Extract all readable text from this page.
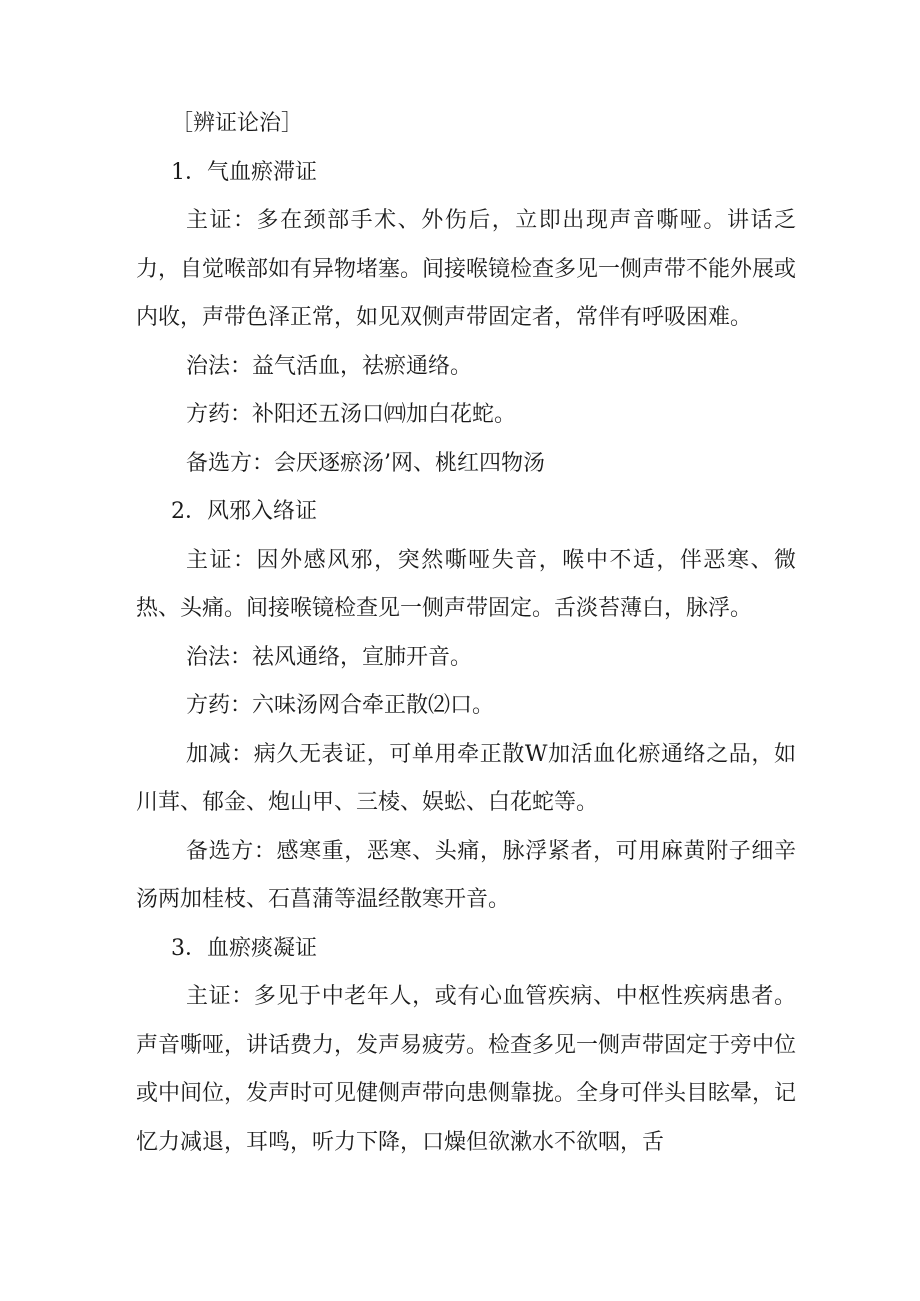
［辨证论治］

1．气血瘀滞证

主证：多在颈部手术、外伤后，立即出现声音嘶哑。讲话乏力，自觉喉部如有异物堵塞。间接喉镜检查多见一侧声带不能外展或内收，声带色泽正常，如见双侧声带固定者，常伴有呼吸困难。

治法：益气活血，祛瘀通络。

方药：补阳还五汤口㈣加白花蛇。

备选方：会厌逐瘀汤’网、桃红四物汤

2．风邪入络证

主证：因外感风邪，突然嘶哑失音，喉中不适，伴恶寒、微热、头痛。间接喉镜检查见一侧声带固定。舌淡苔薄白，脉浮。

治法：祛风通络，宣肺开音。

方药：六味汤网合牵正散⑵口。

加减：病久无表证，可单用牵正散W加活血化瘀通络之品，如川茸、郁金、炮山甲、三棱、娱蚣、白花蛇等。

备选方：感寒重，恶寒、头痛，脉浮紧者，可用麻黄附子细辛汤两加桂枝、石菖蒲等温经散寒开音。

3．血瘀痰凝证

主证：多见于中老年人，或有心血管疾病、中枢性疾病患者。声音嘶哑，讲话费力，发声易疲劳。检查多见一侧声带固定于旁中位或中间位，发声时可见健侧声带向患侧靠拢。全身可伴头目眩晕，记忆力减退，耳鸣，听力下降，口燥但欲漱水不欲咽，舌
